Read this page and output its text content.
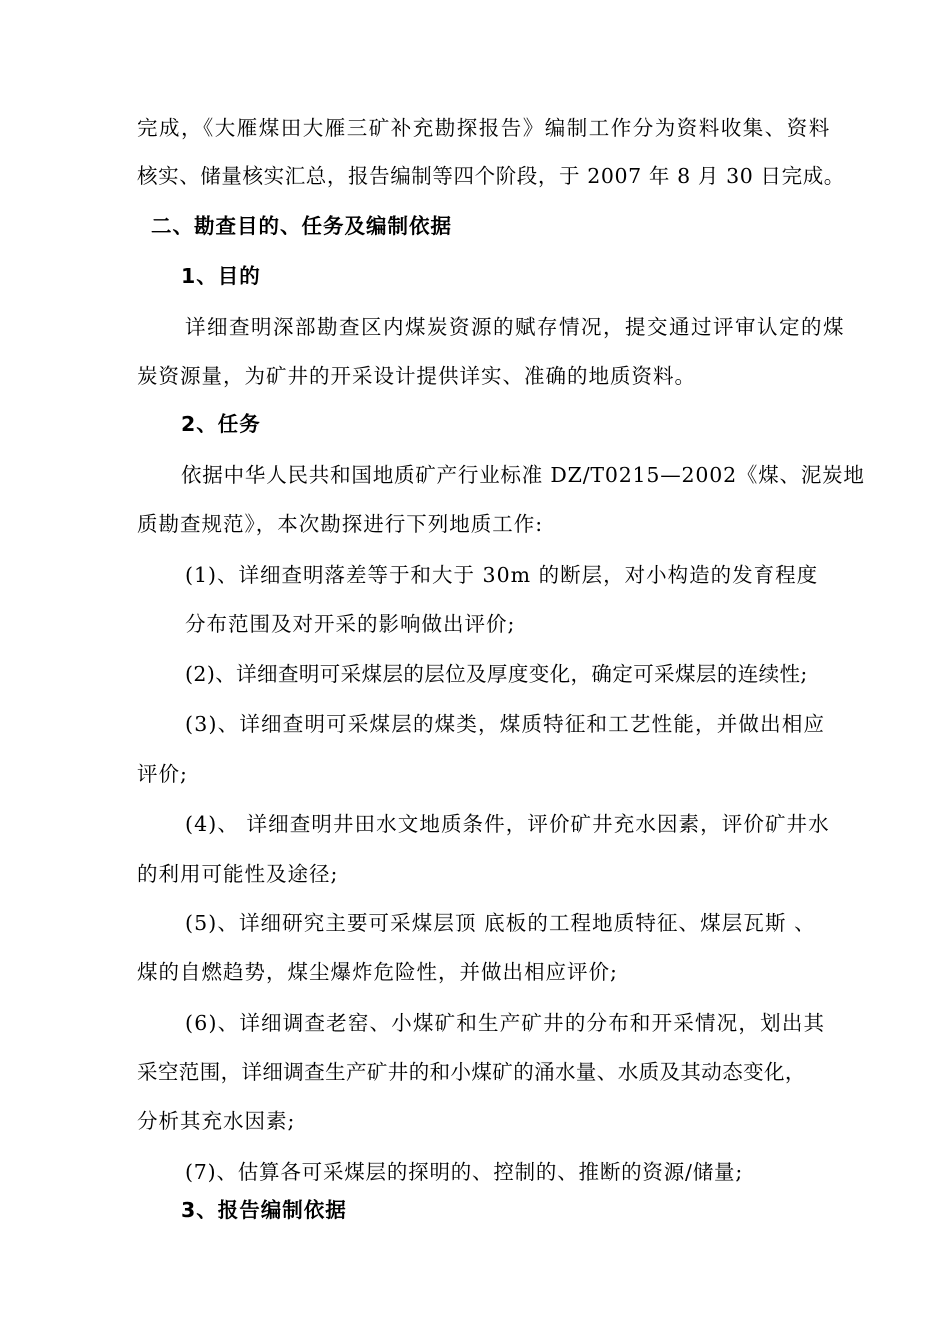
完成，《大雁煤田大雁三矿补充勘探报告》编制工作分为资料收集、资料
核实、储量核实汇总，报告编制等四个阶段，于 2007 年 8 月 30 日完成。
二、勘查目的、任务及编制依据
1、目的
详细查明深部勘查区内煤炭资源的赋存情况，提交通过评审认定的煤
炭资源量，为矿井的开采设计提供详实、准确的地质资料。
2、任务
依据中华人民共和国地质矿产行业标准 DZ/T0215—2002《煤、泥炭地
质勘查规范》，本次勘探进行下列地质工作:
(1)、详细查明落差等于和大于 30m 的断层，对小构造的发育程度
分布范围及对开采的影响做出评价;
(2)、详细查明可采煤层的层位及厚度变化，确定可采煤层的连续性;
(3)、详细查明可采煤层的煤类，煤质特征和工艺性能，并做出相应
评价;
(4)、 详细查明井田水文地质条件，评价矿井充水因素，评价矿井水
的利用可能性及途径;
(5)、详细研究主要可采煤层顶 底板的工程地质特征、煤层瓦斯 、
煤的自燃趋势，煤尘爆炸危险性，并做出相应评价;
(6)、详细调查老窑、小煤矿和生产矿井的分布和开采情况，划出其
采空范围，详细调查生产矿井的和小煤矿的涌水量、水质及其动态变化，
分析其充水因素;
(7)、估算各可采煤层的探明的、控制的、推断的资源/储量;
3、报告编制依据
